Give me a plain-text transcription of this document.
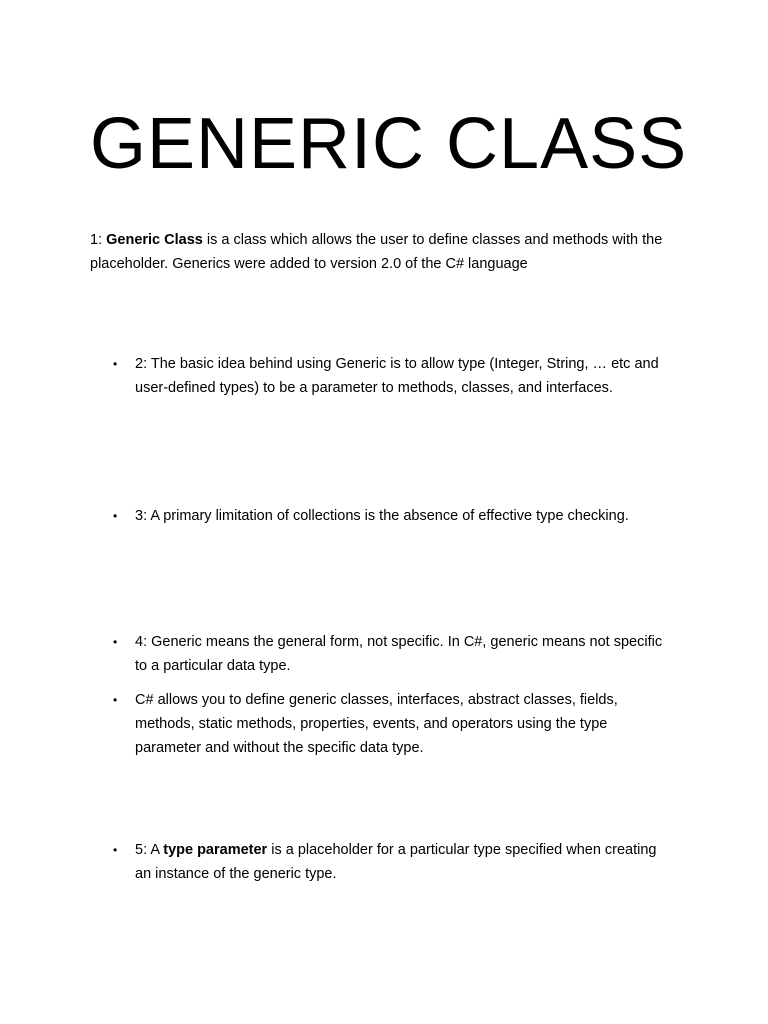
GENERIC CLASS

1: Generic Class is a class which allows the user to define classes and methods with the placeholder. Generics were added to version 2.0 of the C# language

•	2: The basic idea behind using Generic is to allow type (Integer, String, … etc and user-defined types) to be a parameter to methods, classes, and interfaces.

•	3: A primary limitation of collections is the absence of effective type checking.

•	4: Generic means the general form, not specific. In C#, generic means not specific to a particular data type.

•	C# allows you to define generic classes, interfaces, abstract classes, fields, methods, static methods, properties, events, and operators using the type parameter and without the specific data type.

•	5: A type parameter is a placeholder for a particular type specified when creating an instance of the generic type.
